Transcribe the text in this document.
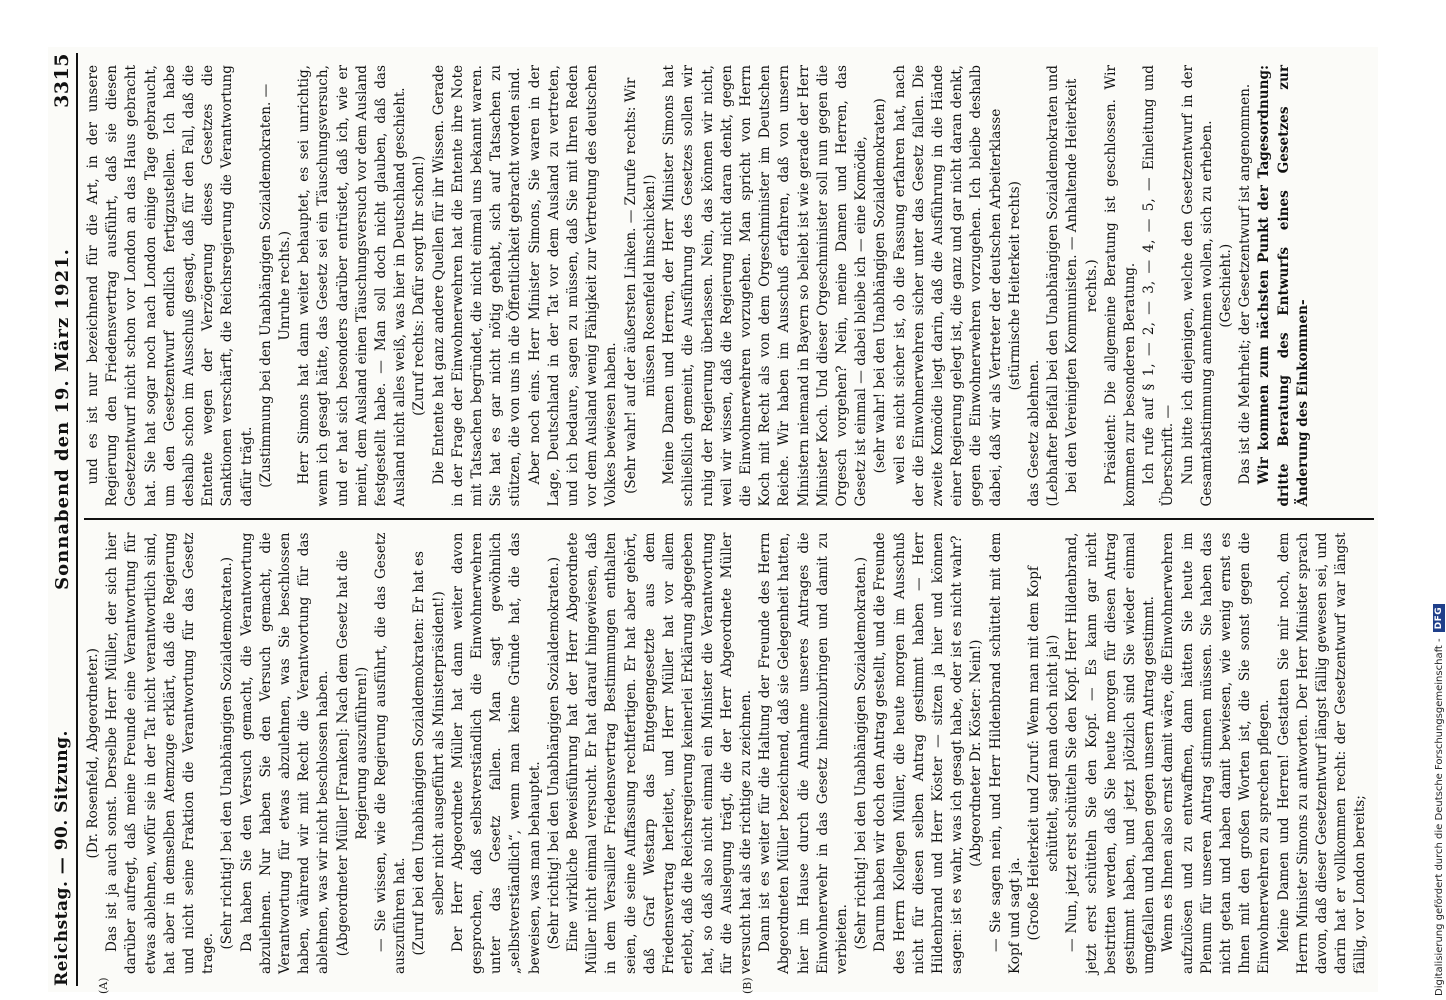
Reichstag. — 90. Sitzung.
Sonnabend den 19. März 1921.
3315

(Dr. Rosenfeld, Abgeordneter.) Das ist ja auch sonst. Derselbe Herr Müller, der sich hier darüber aufregt, daß meine Freunde eine Verantwortung für etwas ablehnen, wofür sie in der Tat nicht verantwortlich sind, hat aber in demselben Atemzuge erklärt, daß die Regierung und nicht seine Fraktion die Verantwortung für das Gesetz trage.

(Sehr richtig! bei den Unabhängigen Sozialdemokraten.) Da haben Sie den Versuch gemacht, die Verantwortung abzulehnen. Nur haben Sie den Versuch gemacht, die Verantwortung für etwas abzulehnen, was Sie beschlossen haben, während wir mit Recht die Verantwortung für das ablehnen, was wir nicht beschlossen haben. (Abgeordneter Müller [Franken]: Nach dem Gesetz hat die Regierung auszuführen!) — Sie wissen, wie die Regierung ausführt, die das Gesetz auszuführen hat. (Zuruf bei den Unabhängigen Sozialdemokraten: Er hat es selber nicht ausgeführt als Ministerpräsident!) Der Herr Abgeordnete Müller hat dann weiter davon gesprochen, daß selbstverständlich die Einwohnerwehren unter das Gesetz fallen. Man sagt gewöhnlich „selbstverständlich“, wenn man keine Gründe hat, die das beweisen, was man behauptet. (Sehr richtig! bei den Unabhängigen Sozialdemokraten.) Eine wirkliche Beweisführung hat der Herr Abgeordnete Müller nicht einmal versucht. Er hat darauf hingewiesen, daß in dem Versailler Friedensvertrag Bestimmungen enthalten seien, die seine Auffassung rechtfertigen. Er hat aber gehört, daß Graf Westarp das Entgegengesetzte aus dem Friedensvertrag herleitet, und Herr Müller hat vor allem erlebt, daß die Reichsregierung keinerlei Erklärung abgegeben hat, so daß also nicht einmal ein Minister die Verantwortung für die Auslegung trägt, die der Herr Abgeordnete Müller versucht hat als die richtige zu zeichnen. Dann ist es weiter für die Haltung der Freunde des Herrn Abgeordneten Müller bezeichnend, daß sie Gelegenheit hatten, hier im Hause durch die Annahme unseres Antrages die Einwohnerwehr in das Gesetz hineinzubringen und damit zu verbieten. (Sehr richtig! bei den Unabhängigen Sozialdemokraten.) Darum haben wir doch den Antrag gestellt, und die Freunde des Herrn Kollegen Müller, die heute morgen im Ausschuß nicht für diesen selben Antrag gestimmt haben — Herr Hildenbrand und Herr Köster — sitzen ja hier und können sagen: ist es wahr, was ich gesagt habe, oder ist es nicht wahr? (Abgeordneter Dr. Köster: Nein!) — Sie sagen nein, und Herr Hildenbrand schüttelt mit dem Kopf und sagt ja. (Große Heiterkeit und Zuruf: Wenn man mit dem Kopf schüttelt, sagt man doch nicht ja!) — Nun, jetzt erst schütteln Sie den Kopf. Herr Hildenbrand, jetzt erst schütteln Sie den Kopf. — Es kann gar nicht bestritten werden, daß Sie heute morgen für diesen Antrag gestimmt haben, und jetzt plötzlich sind Sie wieder einmal umgefallen und haben gegen unsern Antrag gestimmt. Wenn es Ihnen also ernst damit wäre, die Einwohnerwehren aufzulösen und zu entwaffnen, dann hätten Sie heute im Plenum für unseren Antrag stimmen müssen. Sie haben das nicht getan und haben damit bewiesen, wie wenig ernst es Ihnen mit den großen Worten ist, die Sie sonst gegen die Einwohnerwehren zu sprechen pflegen. Meine Damen und Herren! Gestatten Sie mir noch, dem Herrn Minister Simons zu antworten. Der Herr Minister sprach davon, daß dieser Gesetzentwurf längst fällig gewesen sei, und darin hat er vollkommen recht: der Gesetzentwurf war längst fällig, vor London bereits;

und es ist nur bezeichnend für die Art, in der unsere Regierung den Friedensvertrag ausführt, daß sie diesen Gesetzentwurf nicht schon vor London an das Haus gebracht hat. Sie hat sogar noch nach London einige Tage gebraucht, um den Gesetzentwurf endlich fertigzustellen. Ich habe deshalb schon im Ausschuß gesagt, daß für den Fall, daß die Entente wegen der Verzögerung dieses Gesetzes die Sanktionen verschärft, die Reichsregierung die Verantwortung dafür trägt. (Zustimmung bei den Unabhängigen Sozialdemokraten. — Unruhe rechts.) Herr Simons hat dann weiter behauptet, es sei unrichtig, wenn ich gesagt hätte, das Gesetz sei ein Täuschungsversuch, und er hat sich besonders darüber entrüstet, daß ich, wie er meint, dem Ausland einen Täuschungsversuch vor dem Ausland festgestellt habe. — Man soll doch nicht glauben, daß das Ausland nicht alles weiß, was hier in Deutschland geschieht. (Zuruf rechts: Dafür sorgt Ihr schon!) Die Entente hat ganz andere Quellen für ihr Wissen. Gerade in der Frage der Einwohnerwehren hat die Entente ihre Note mit Tatsachen begründet, die nicht einmal uns bekannt waren. Sie hat es gar nicht nötig gehabt, sich auf Tatsachen zu stützen, die von uns in die Öffentlichkeit gebracht worden sind. Aber noch eins. Herr Minister Simons, Sie waren in der Lage, Deutschland in der Tat vor dem Ausland zu vertreten, und ich bedaure, sagen zu müssen, daß Sie mit Ihren Reden vor dem Ausland wenig Fähigkeit zur Vertretung des deutschen Volkes bewiesen haben. (Sehr wahr! auf der äußersten Linken. — Zurufe rechts: Wir müssen Rosenfeld hinschicken!) Meine Damen und Herren, der Herr Minister Simons hat schließlich gemeint, die Ausführung des Gesetzes sollen wir ruhig der Regierung überlassen. Nein, das können wir nicht, weil wir wissen, daß die Regierung nicht daran denkt, gegen die Einwohnerwehren vorzugehen. Man spricht von Herrn Koch mit Recht als von dem Orgeschminister im Deutschen Reiche. Wir haben im Ausschuß erfahren, daß von unsern Ministern niemand in Bayern so beliebt ist wie gerade der Herr Minister Koch. Und dieser Orgeschminister soll nun gegen die Orgesch vorgehen? Nein, meine Damen und Herren, das Gesetz ist einmal — dabei bleibe ich — eine Komödie, (sehr wahr! bei den Unabhängigen Sozialdemokraten) weil es nicht sicher ist, ob die Fassung erfahren hat, nach der die Einwohnerwehren sicher unter das Gesetz fallen. Die zweite Komödie liegt darin, daß die Ausführung in die Hände einer Regierung gelegt ist, die ganz und gar nicht daran denkt, gegen die Einwohnerwehren vorzugehen. Ich bleibe deshalb dabei, daß wir als Vertreter der deutschen Arbeiterklasse (stürmische Heiterkeit rechts)

das Gesetz ablehnen. (Lebhafter Beifall bei den Unabhängigen Sozialdemokraten und bei den Vereinigten Kommunisten. — Anhaltende Heiterkeit rechts.) Präsident: Die allgemeine Beratung ist geschlossen. Wir kommen zur besonderen Beratung. Ich rufe auf § 1, — 2, — 3, — 4, — 5, — Einleitung und Überschrift. — Nun bitte ich diejenigen, welche den Gesetzentwurf in der Gesamtabstimmung annehmen wollen, sich zu erheben. (Geschieht.) Das ist die Mehrheit; der Gesetzentwurf ist angenommen. Wir kommen zum nächsten Punkt der Tagesordnung: dritte Beratung des Entwurfs eines Gesetzes zur Änderung des Einkommen-

(A)	(B)	Digitalisierung gefördert durch die Deutsche Forschungsgemeinschaft -
DFG
